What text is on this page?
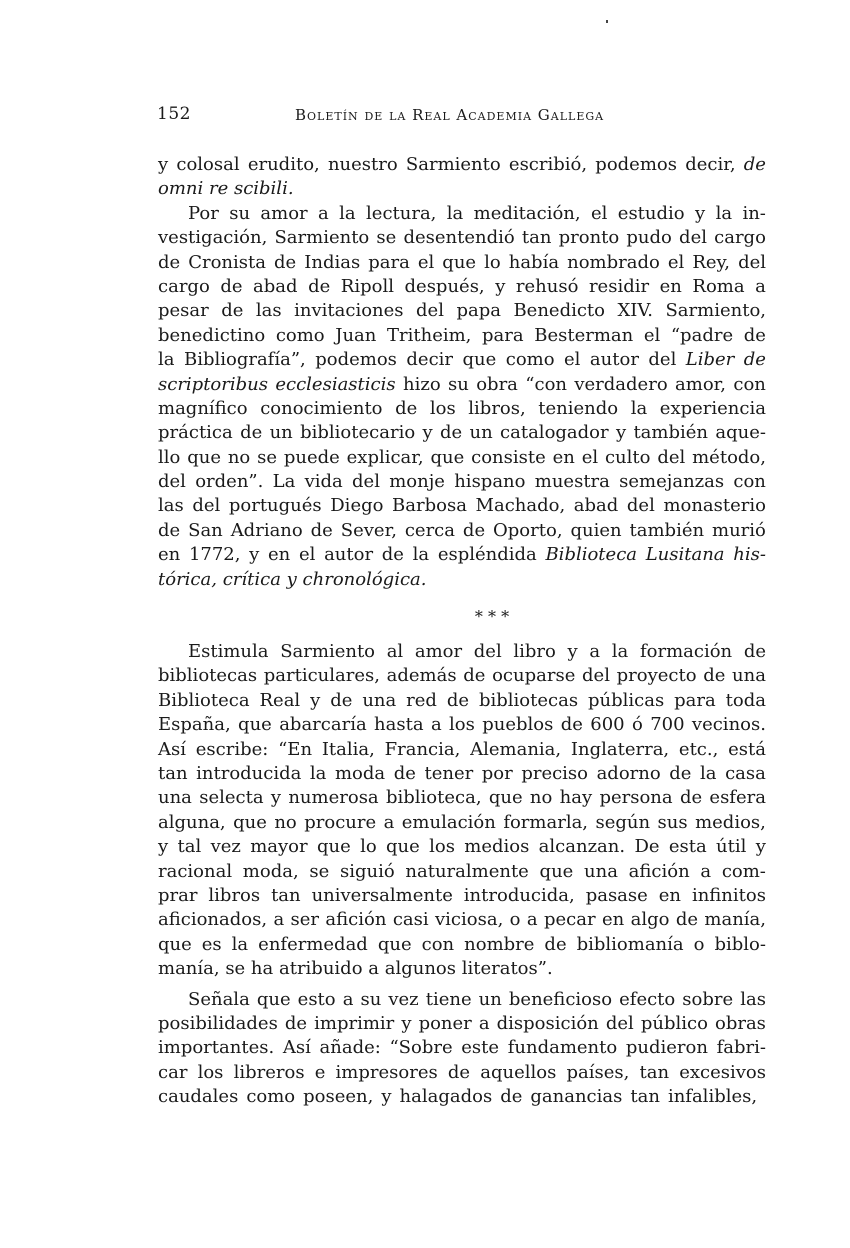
152	Boletín de la Real Academia Gallega
y colosal erudito, nuestro Sarmiento escribió, podemos decir, de
omni re scibili.
Por su amor a la lectura, la meditación, el estudio y la in-
vestigación, Sarmiento se desentendió tan pronto pudo del cargo
de Cronista de Indias para el que lo había nombrado el Rey, del
cargo de abad de Ripoll después, y rehusó residir en Roma a
pesar de las invitaciones del papa Benedicto XIV. Sarmiento,
benedictino como Juan Tritheim, para Besterman el “padre de
la Bibliografía”, podemos decir que como el autor del Liber de
scriptoribus ecclesiasticis hizo su obra “con verdadero amor, con
magnífico conocimiento de los libros, teniendo la experiencia
práctica de un bibliotecario y de un catalogador y también aque-
llo que no se puede explicar, que consiste en el culto del método,
del orden”. La vida del monje hispano muestra semejanzas con
las del portugués Diego Barbosa Machado, abad del monasterio
de San Adriano de Sever, cerca de Oporto, quien también murió
en 1772, y en el autor de la espléndida Biblioteca Lusitana his-
tórica, crítica y chronológica.
* * *
Estimula Sarmiento al amor del libro y a la formación de
bibliotecas particulares, además de ocuparse del proyecto de una
Biblioteca Real y de una red de bibliotecas públicas para toda
España, que abarcaría hasta a los pueblos de 600 ó 700 vecinos.
Así escribe: “En Italia, Francia, Alemania, Inglaterra, etc., está
tan introducida la moda de tener por preciso adorno de la casa
una selecta y numerosa biblioteca, que no hay persona de esfera
alguna, que no procure a emulación formarla, según sus medios,
y tal vez mayor que lo que los medios alcanzan. De esta útil y
racional moda, se siguió naturalmente que una afición a com-
prar libros tan universalmente introducida, pasase en infinitos
aficionados, a ser afición casi viciosa, o a pecar en algo de manía,
que es la enfermedad que con nombre de bibliomanía o biblo-
manía, se ha atribuido a algunos literatos”.
Señala que esto a su vez tiene un beneficioso efecto sobre las
posibilidades de imprimir y poner a disposición del público obras
importantes. Así añade: “Sobre este fundamento pudieron fabri-
car los libreros e impresores de aquellos países, tan excesivos
caudales como poseen, y halagados de ganancias tan infalibles,
